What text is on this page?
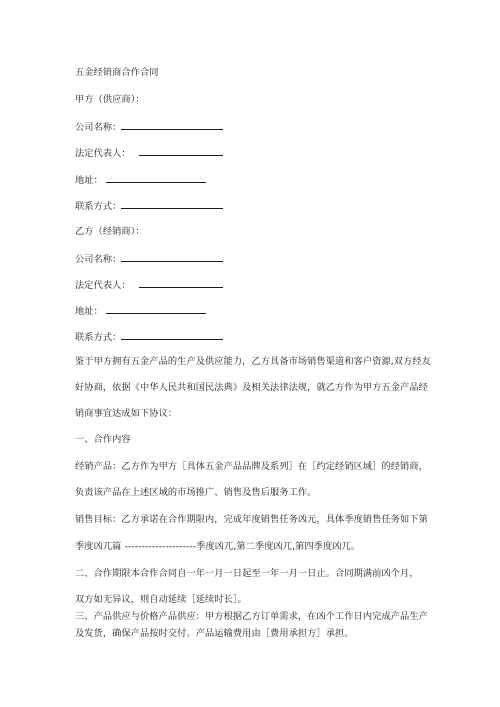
五金经销商合作合同
甲方（供应商）：
公司名称：
法定代表人：
地址：
联系方式：
乙方（经销商）：
公司名称：
法定代表人：
地址：
联系方式：
鉴于甲方拥有五金产品的生产及供应能力，乙方具备市场销售渠道和客户资源,双方经友
好协商，依据《中华人民共和国民法典》及相关法律法规，就乙方作为甲方五金产品经
销商事宜达成如下协议：
一、合作内容
经销产品：乙方作为甲方［具体五金产品品牌及系列］在［约定经销区域］的经销商，
负责该产品在上述区域的市场推广、销售及售后服务工作。
销售目标：乙方承诺在合作期限内，完成年度销售任务凶元，具体季度销售任务如下第
季度凶兀篇 ---------------------季度凶兀,第二季度凶兀,第四季度凶兀。
二、合作期限本合作合同自一年一月一日起至一年一月一日止。合同期满前凶个月，
双方如无异议，则自动延续［延续时长］。
三、产品供应与价格产品供应：甲方根据乙方订单需求，在凶个工作日内完成产品生产
及发货，确保产品按时交付。产品运输费用由［费用承担方］承担。
